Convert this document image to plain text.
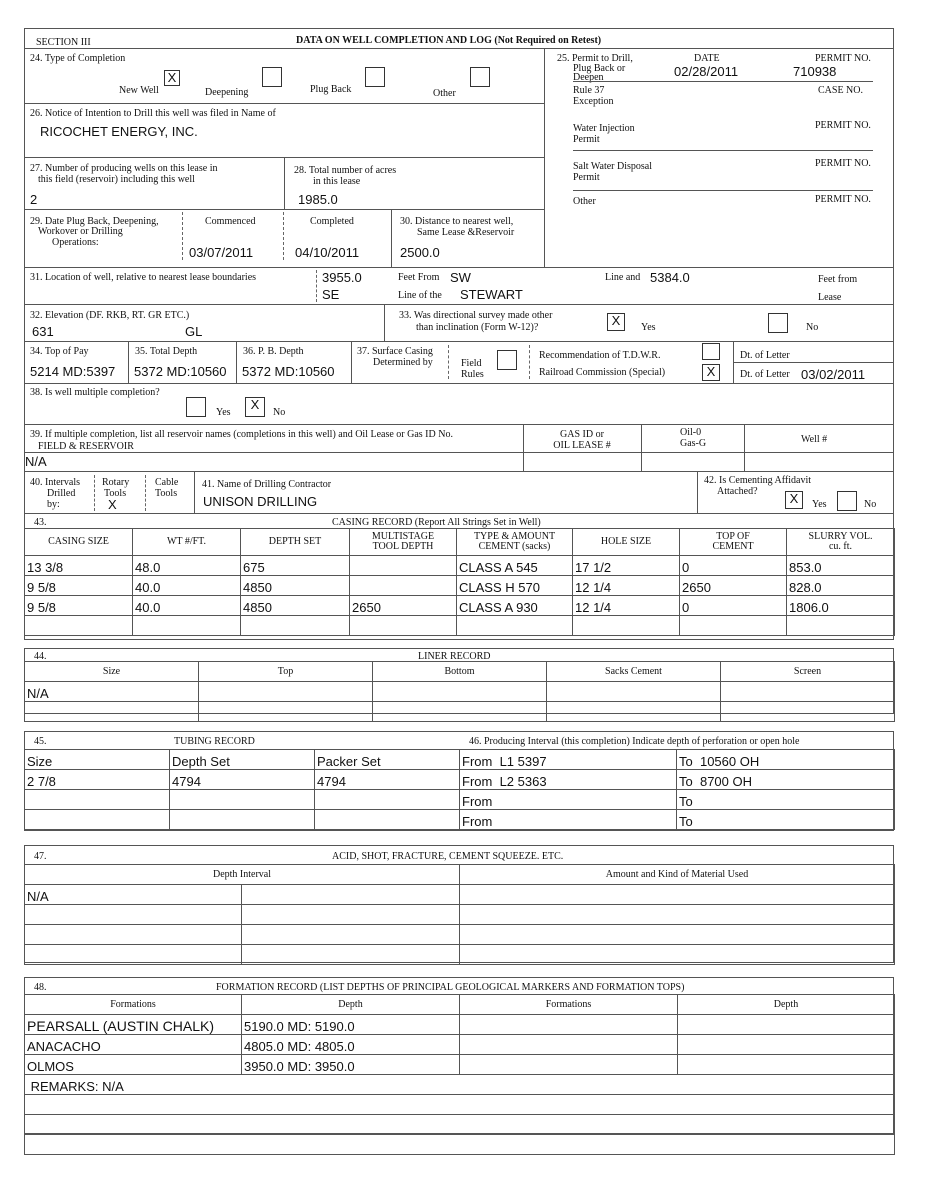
SECTION III	DATA ON WELL COMPLETION AND LOG (Not Required on Retest)
24. Type of Completion
X
New Well	Deepening	Plug Back	Other
25. Permit to Drill,
Plug Back or
Deepen
DATE	PERMIT NO.
02/28/2011	710938
Rule 37
Exception
CASE NO.
Water Injection
Permit
PERMIT NO.
Salt Water Disposal
Permit
PERMIT NO.
Other	PERMIT NO.
26. Notice of Intention to Drill this well was filed in Name of
RICOCHET ENERGY, INC.
27. Number of producing wells on this lease in
this field (reservoir) including this well
2
28. Total number of acres
in this lease
1985.0
29. Date Plug Back, Deepening,
Workover or Drilling
Operations:
Commenced	Completed
03/07/2011	04/10/2011
30. Distance to nearest well,
Same Lease &Reservoir
2500.0
31. Location of well, relative to nearest lease boundaries	3955.0	Feet From SW	Line and 5384.0	Feet from
SE	Line of the STEWART	Lease
32. Elevation (DF. RKB, RT. GR ETC.)
631	GL
33. Was directional survey made other
than inclination (Form W-12)?	X	Yes	No
34. Top of Pay
5214 MD:5397
35. Total Depth
5372 MD:10560
36. P. B. Depth
5372 MD:10560
37. Surface Casing
Determined by	Field
Rules
Recommendation of T.D.W.R.
Railroad Commission (Special)	X
Dt. of Letter
Dt. of Letter 03/02/2011
38. Is well multiple completion?
Yes
X
No
39. If multiple completion, list all reservoir names (completions in this well) and Oil Lease or Gas ID No.
FIELD & RESERVOIR
GAS ID or
OIL LEASE #
Oil-0
Gas-G	Well #
N/A
40. Intervals
Drilled
by:
Rotary
Tools
X
Cable
Tools
41. Name of Drilling Contractor
UNISON DRILLING
42. Is Cementing Affidavit
Attached?	X	Yes	No
43.	CASING RECORD (Report All Strings Set in Well)
CASING SIZE	WT #/FT.	DEPTH SET	MULTISTAGE
TOOL DEPTH	TYPE & AMOUNT
CEMENT (sacks)	HOLE SIZE	TOP OF
CEMENT	SLURRY VOL.
cu. ft.
13 3/8	48.0	675		CLASS A 545	17 1/2	0	853.0
9 5/8	40.0	4850		CLASS H 570	12 1/4	2650	828.0
9 5/8	40.0	4850	2650	CLASS A 930	12 1/4	0	1806.0

44.	LINER RECORD
Size	Top	Bottom	Sacks Cement	Screen
N/A				

45.	TUBING RECORD	46. Producing Interval (this completion) Indicate depth of perforation or open hole
Size	Depth Set	Packer Set
2 7/8	4794	4794

From L1 5397	To 10560 OH
From L2 5363	To 8700 OH
From	To
From	To
47.	ACID, SHOT, FRACTURE, CEMENT SQUEEZE. ETC.
Depth Interval		Amount and Kind of Material Used
N/A		

48.	FORMATION RECORD (LIST DEPTHS OF PRINCIPAL GEOLOGICAL MARKERS AND FORMATION TOPS)
Formations	Depth	Formations	Depth
PEARSALL (AUSTIN CHALK)	5190.0 MD: 5190.0		
ANACACHO	4805.0 MD: 4805.0		
OLMOS	3950.0 MD: 3950.0		
REMARKS: N/A			
